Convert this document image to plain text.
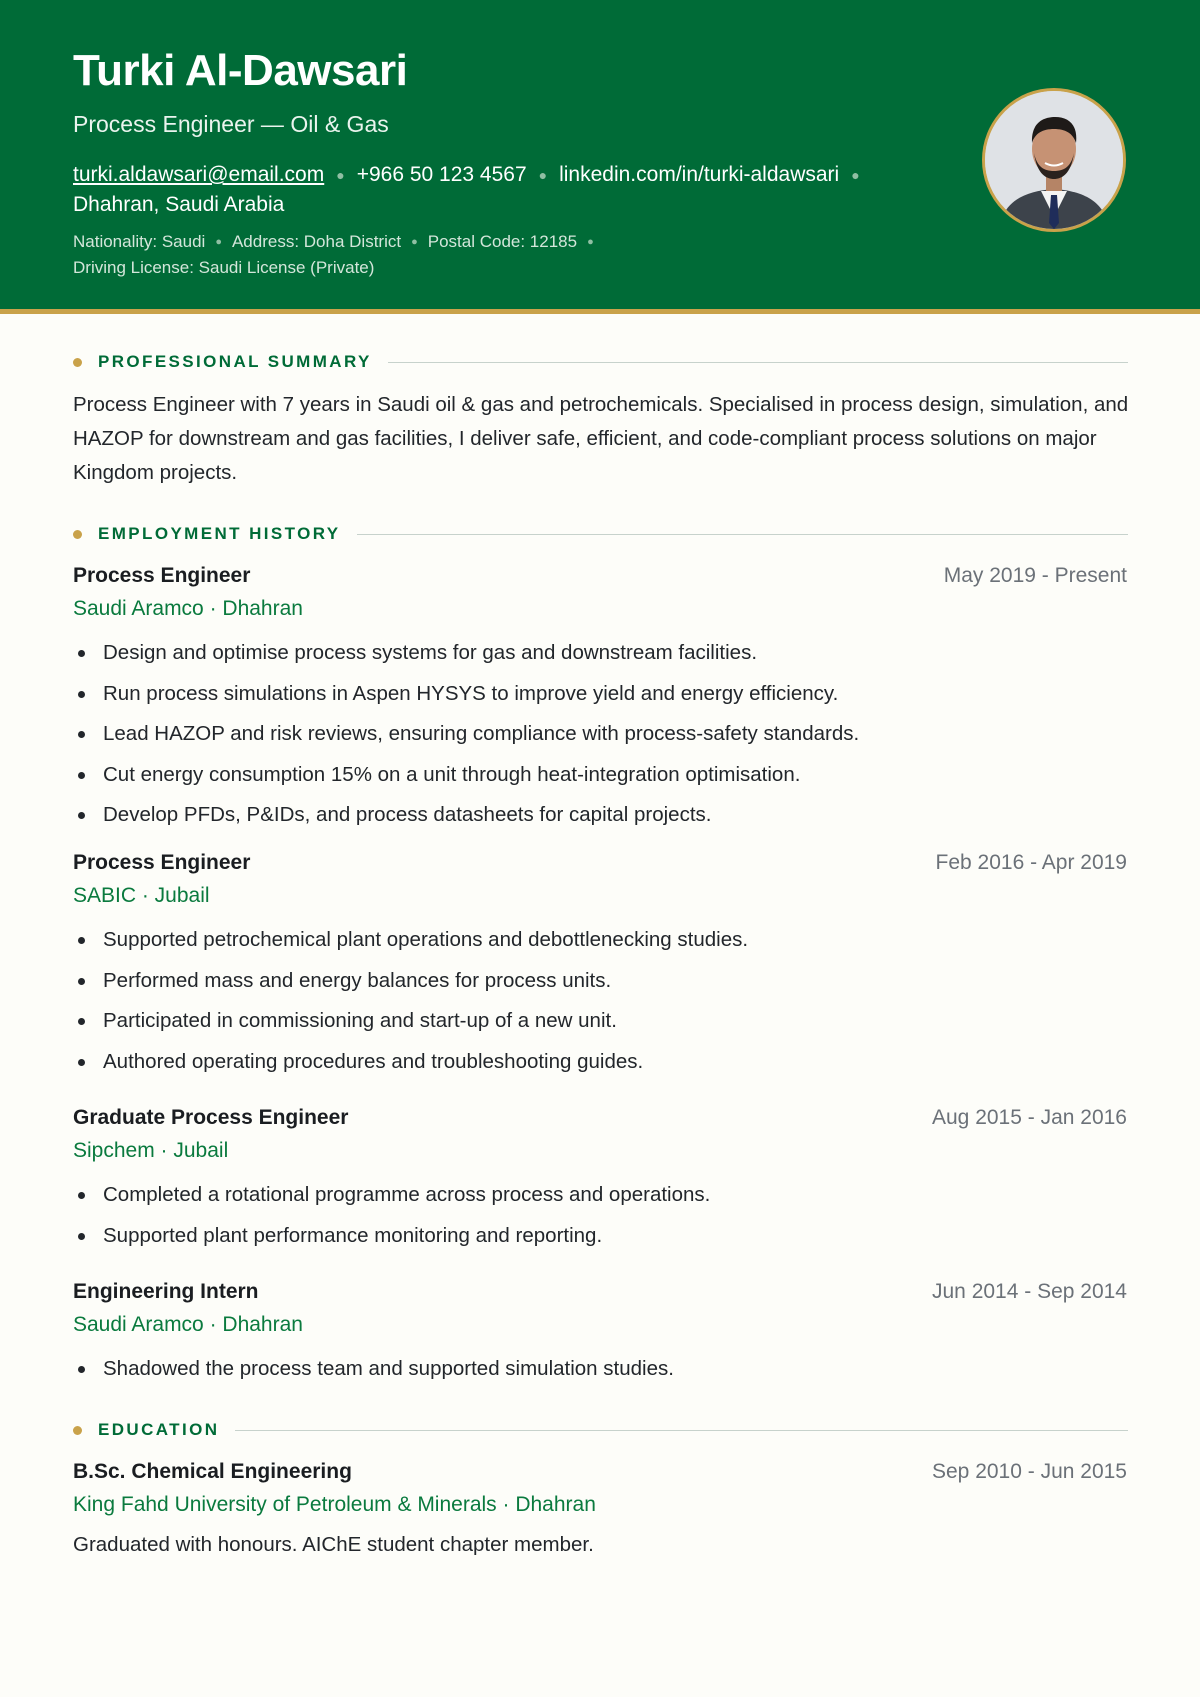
Turki Al-Dawsari
Process Engineer — Oil & Gas
turki.aldawsari@email.com ● +966 50 123 4567 ● linkedin.com/in/turki-aldawsari ●
Dhahran, Saudi Arabia
Nationality: Saudi ● Address: Doha District ● Postal Code: 12185 ●
Driving License: Saudi License (Private)
PROFESSIONAL SUMMARY
Process Engineer with 7 years in Saudi oil & gas and petrochemicals. Specialised in process design, simulation, and HAZOP for downstream and gas facilities, I deliver safe, efficient, and code-compliant process solutions on major Kingdom projects.
EMPLOYMENT HISTORY
Process Engineer	May 2019 - Present
Saudi Aramco · Dhahran
Design and optimise process systems for gas and downstream facilities.
Run process simulations in Aspen HYSYS to improve yield and energy efficiency.
Lead HAZOP and risk reviews, ensuring compliance with process-safety standards.
Cut energy consumption 15% on a unit through heat-integration optimisation.
Develop PFDs, P&IDs, and process datasheets for capital projects.
Process Engineer	Feb 2016 - Apr 2019
SABIC · Jubail
Supported petrochemical plant operations and debottlenecking studies.
Performed mass and energy balances for process units.
Participated in commissioning and start-up of a new unit.
Authored operating procedures and troubleshooting guides.
Graduate Process Engineer	Aug 2015 - Jan 2016
Sipchem · Jubail
Completed a rotational programme across process and operations.
Supported plant performance monitoring and reporting.
Engineering Intern	Jun 2014 - Sep 2014
Saudi Aramco · Dhahran
Shadowed the process team and supported simulation studies.
EDUCATION
B.Sc. Chemical Engineering	Sep 2010 - Jun 2015
King Fahd University of Petroleum & Minerals · Dhahran
Graduated with honours. AIChE student chapter member.
